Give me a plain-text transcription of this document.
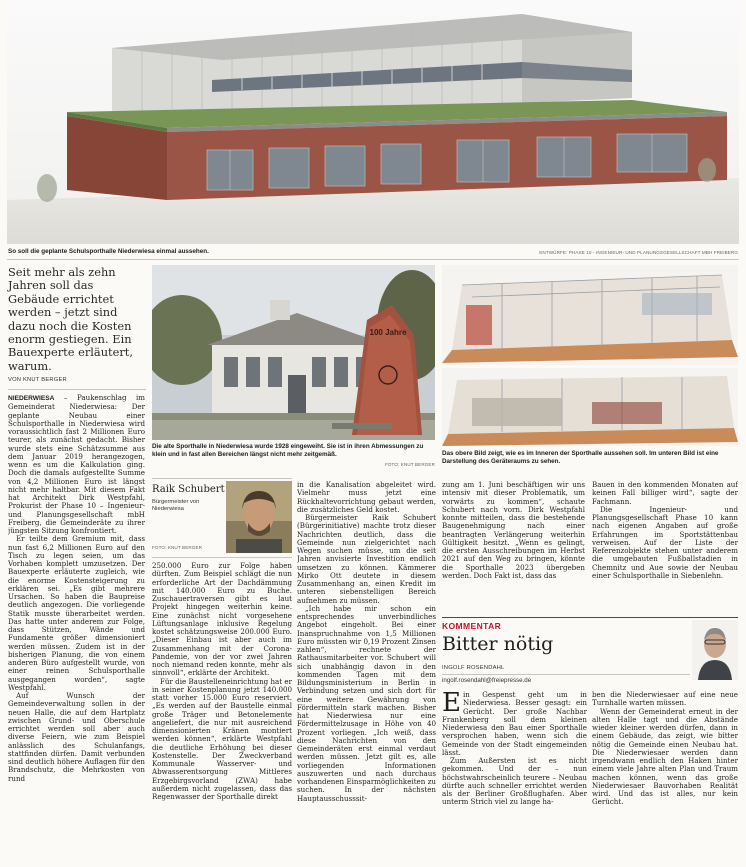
So soll die geplante Schulsporthalle Niederwiesa einmal aussehen.	ENTWÜRFE: PHASE 10 - INGENIEUR- UND PLANUNGSGESELLSCHAFT MBH FREIBERG
Seit mehr als zehn Jahren soll das Gebäude errichtet werden – jetzt sind dazu noch die Kosten enorm gestiegen. Ein Bauexperte erläutert, warum.
VON KNUT BERGER

NIEDERWIESA – Paukenschlag im Gemeinderat Niederwiesa: Der geplante Neubau einer Schulsporthalle in Niederwiesa wird voraussichtlich fast 2 Millionen Euro teurer, als zunächst gedacht. Bisher wurde stets eine Schätzsumme aus dem Januar 2019 herangezogen, wenn es um die Kalkulation ging. Doch die damals aufgestellte Summe von 4,2 Millionen Euro ist längst nicht mehr haltbar. Mit diesem Fakt hat Architekt Dirk Westpfahl, Prokurist der Phase 10 – Ingenieur- und Planungsgesellschaft mbH Freiberg, die Gemeinderäte zu ihrer jüngsten Sitzung konfrontiert.

Er teilte dem Gremium mit, dass nun fast 6,2 Millionen Euro auf den Tisch zu legen seien, um das Vorhaben komplett umzusetzen. Der Bauexperte erläuterte zugleich, wie die enorme Kostensteigerung zu erklären sei. „Es gibt mehrere Ursachen. So haben die Baupreise deutlich angezogen. Die vorliegende Statik musste überarbeitet werden. Das hatte unter anderem zur Folge, dass Stützen, Wände und Fundamente größer dimensioniert werden müssen. Zudem ist in der bisherigen Planung, die von einem anderen Büro aufgestellt wurde, von einer reinen Schulsporthalle ausgegangen worden“, sagte Westpfahl.

Auf Wunsch der Gemeindeverwaltung sollen in der neuen Halle, die auf dem Hartplatz zwischen Grund- und Oberschule errichtet werden soll aber auch diverse Feiern, wie zum Beispiel anlässlich des Schulanfangs, stattfinden dürfen. Damit verbunden sind deutlich höhere Auflagen für den Brandschutz, die Mehrkosten von rund

100 Jahre
Die alte Sporthalle in Niederwiesa wurde 1928 eingeweiht. Sie ist in ihren Abmessungen zu klein und in fast allen Bereichen längst nicht mehr zeitgemäß.
FOTO: KNUT BERGER
Das obere Bild zeigt, wie es im Inneren der Sporthalle aussehen soll. Im unteren Bild ist eine Darstellung des Geräteraums zu sehen.
Raik Schubert
Bürgermeister von Niederwiesa
FOTO: KNUT BERGER

250.000 Euro zur Folge haben dürften. Zum Beispiel schlägt die nun erforderliche Art der Dachdämmung mit 140.000 Euro zu Buche. Zuschauertraversen gibt es laut Projekt hingegen weiterhin keine. Eine zunächst nicht vorgesehene Lüftungsanlage inklusive Regelung kostet schätzungsweise 200.000 Euro. „Dieser Einbau ist aber auch im Zusammenhang mit der Corona-Pandemie, von der vor zwei Jahren noch niemand reden konnte, mehr als sinnvoll“, erklärte der Architekt.

Für die Baustelleneinrichtung hat er in seiner Kostenplanung jetzt 140.000 statt vorher 15.000 Euro reserviert. „Es werden auf der Baustelle einmal große Träger und Betonelemente angeliefert, die nur mit ausreichend dimensionierten Kränen montiert werden können“, erklärte Westpfahl die deutliche Erhöhung bei dieser Kostenstelle. Der Zweckverband Kommunale Wasserver- und Abwasserentsorgung Mittleres Erzgebirgsvorland (ZWA) habe außerdem nicht zugelassen, dass das Regenwasser der Sporthalle direkt

in die Kanalisation abgeleitet wird. Vielmehr muss jetzt eine Rückhaltevorrichtung gebaut werden, die zusätzliches Geld kostet.

Bürgermeister Raik Schubert (Bürgerinitiative) machte trotz dieser Nachrichten deutlich, dass die Gemeinde nun zielgerichtet nach Wegen suchen müsse, um die seit Jahren anvisierte Investition endlich umsetzen zu können. Kämmerer Mirko Ott deutete in diesem Zusammenhang an, einen Kredit im unteren siebenstelligen Bereich aufnehmen zu müssen.

„Ich habe mir schon ein entsprechendes unverbindliches Angebot eingeholt. Bei einer Inanspruchnahme von 1,5 Millionen Euro müssten wir 0,19 Prozent Zinsen zahlen“, rechnete der Rathausmitarbeiter vor. Schubert will sich unabhängig davon in den kommenden Tagen mit dem Bildungsministerium in Berlin in Verbindung setzen und sich dort für eine weitere Gewährung von Fördermitteln stark machen. Bisher hat Niederwiesa nur eine Fördermittelzusage in Höhe von 40 Prozent vorliegen. „Ich weiß, dass diese Nachrichten von den Gemeinderäten erst einmal verdaut werden müssen. Jetzt gilt es, alle vorliegenden Informationen auszuwerten und nach durchaus vorhandenen Einsparmöglichkeiten zu suchen. In der nächsten Hauptausschusssit-

zung am 1. Juni beschäftigen wir uns intensiv mit dieser Problematik, um vorwärts zu kommen“, schaute Schubert nach vorn. Dirk Westpfahl konnte mitteilen, dass die bestehende Baugenehmigung nach einer beantragten Verlängerung weiterhin Gültigkeit besitzt. „Wenn es gelingt, die ersten Ausschreibungen im Herbst 2021 auf den Weg zu bringen, könnte die Sporthalle 2023 übergeben werden. Doch Fakt ist, dass das

Bauen in den kommenden Monaten auf keinen Fall billiger wird“, sagte der Fachmann.

Die Ingenieur- und Planungsgesellschaft Phase 10 kann nach eigenen Angaben auf große Erfahrungen im Sportstättenbau verweisen. Auf der Liste der Referenzobjekte stehen unter anderem die umgebauten Fußballstadien in Chemnitz und Aue sowie der Neubau einer Schulsporthalle in Siebenlehn.

KOMMENTAR
Bitter nötig
INGOLF ROSENDAHL
ingolf.rosendahl@freiepresse.de

Ein Gespenst geht um in Niederwiesa. Besser gesagt: ein Gerücht. Der große Nachbar Frankenberg soll dem kleinen Niederwiesa den Bau einer Sporthalle versprochen haben, wenn sich die Gemeinde von der Stadt eingemeinden lässt.

Zum Außersten ist es nicht gekommen. Und der – nun höchstwahrscheinlich teurere – Neubau dürfte auch schneller errichtet werden als der Berliner Großflughafen. Aber unterm Strich viel zu lange ha-

ben die Niederwiesaer auf eine neue Turnhalle warten müssen.

Wenn der Gemeinderat erneut in der alten Halle tagt und die Abstände wieder kleiner werden dürfen, dann in einem Gebäude, das zeigt, wie bitter nötig die Gemeinde einen Neubau hat. Die Niederwiesaer werden dann irgendwann endlich den Haken hinter einem viele Jahre alten Plan und Traum machen können, wenn das große Niederwiesaer Bauvorhaben Realität wird. Und das ist alles, nur kein Gerücht.
